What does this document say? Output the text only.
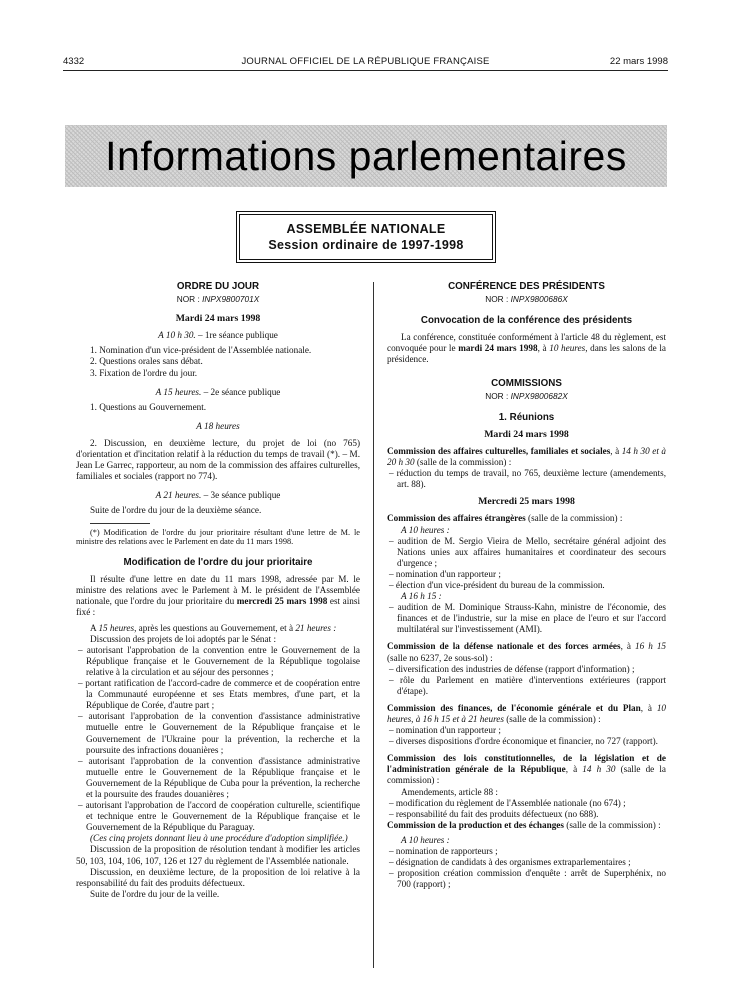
4332	JOURNAL OFFICIEL DE LA RÉPUBLIQUE FRANÇAISE	22 mars 1998
Informations parlementaires
ASSEMBLÉE NATIONALE
Session ordinaire de 1997-1998
ORDRE DU JOUR
NOR : INPX9800701X
Mardi 24 mars 1998
A 10 h 30. – 1re séance publique
1. Nomination d'un vice-président de l'Assemblée nationale.
2. Questions orales sans débat.
3. Fixation de l'ordre du jour.
A 15 heures. – 2e séance publique
1. Questions au Gouvernement.
A 18 heures

2. Discussion, en deuxième lecture, du projet de loi (no 765) d'orientation et d'incitation relatif à la réduction du temps de travail (*). – M. Jean Le Garrec, rapporteur, au nom de la commission des affaires culturelles, familiales et sociales (rapport no 774).

A 21 heures. – 3e séance publique

Suite de l'ordre du jour de la deuxième séance.

(*) Modification de l'ordre du jour prioritaire résultant d'une lettre de M. le ministre des relations avec le Parlement en date du 11 mars 1998.

Modification de l'ordre du jour prioritaire

Il résulte d'une lettre en date du 11 mars 1998, adressée par M. le ministre des relations avec le Parlement à M. le président de l'Assemblée nationale, que l'ordre du jour prioritaire du mercredi 25 mars 1998 est ainsi fixé :

A 15 heures, après les questions au Gouvernement, et à 21 heures :

Discussion des projets de loi adoptés par le Sénat :

– autorisant l'approbation de la convention entre le Gouvernement de la République française et le Gouvernement de la République togolaise relative à la circulation et au séjour des personnes ;

– portant ratification de l'accord-cadre de commerce et de coopération entre la Communauté européenne et ses Etats membres, d'une part, et la République de Corée, d'autre part ;

– autorisant l'approbation de la convention d'assistance administrative mutuelle entre le Gouvernement de la République française et le Gouvernement de l'Ukraine pour la prévention, la recherche et la poursuite des infractions douanières ;

– autorisant l'approbation de la convention d'assistance administrative mutuelle entre le Gouvernement de la République française et le Gouvernement de la République de Cuba pour la prévention, la recherche et la poursuite des fraudes douanières ;

– autorisant l'approbation de l'accord de coopération culturelle, scientifique et technique entre le Gouvernement de la République française et le Gouvernement de la République du Paraguay.

(Ces cinq projets donnant lieu à une procédure d'adoption simplifiée.)

Discussion de la proposition de résolution tendant à modifier les articles 50, 103, 104, 106, 107, 126 et 127 du règlement de l'Assemblée nationale.

Discussion, en deuxième lecture, de la proposition de loi relative à la responsabilité du fait des produits défectueux.

Suite de l'ordre du jour de la veille.

CONFÉRENCE DES PRÉSIDENTS
NOR : INPX9800686X
Convocation de la conférence des présidents

La conférence, constituée conformément à l'article 48 du règlement, est convoquée pour le mardi 24 mars 1998, à 10 heures, dans les salons de la présidence.

COMMISSIONS
NOR : INPX9800682X
1. Réunions
Mardi 24 mars 1998

Commission des affaires culturelles, familiales et sociales, à 14 h 30 et à 20 h 30 (salle de la commission) :

– réduction du temps de travail, no 765, deuxième lecture (amendements, art. 88).

Mercredi 25 mars 1998

Commission des affaires étrangères (salle de la commission) :

A 10 heures :

– audition de M. Sergio Vieira de Mello, secrétaire général adjoint des Nations unies aux affaires humanitaires et coordinateur des secours d'urgence ;

– nomination d'un rapporteur ;

– élection d'un vice-président du bureau de la commission.

A 16 h 15 :

– audition de M. Dominique Strauss-Kahn, ministre de l'économie, des finances et de l'industrie, sur la mise en place de l'euro et sur l'accord multilatéral sur l'investissement (AMI).

Commission de la défense nationale et des forces armées, à 16 h 15 (salle no 6237, 2e sous-sol) :

– diversification des industries de défense (rapport d'information) ;

– rôle du Parlement en matière d'interventions extérieures (rapport d'étape).

Commission des finances, de l'économie générale et du Plan, à 10 heures, à 16 h 15 et à 21 heures (salle de la commission) :

– nomination d'un rapporteur ;

– diverses dispositions d'ordre économique et financier, no 727 (rapport).

Commission des lois constitutionnelles, de la législation et de l'administration générale de la République, à 14 h 30 (salle de la commission) :

Amendements, article 88 :

– modification du règlement de l'Assemblée nationale (no 674) ;

– responsabilité du fait des produits défectueux (no 688).

Commission de la production et des échanges (salle de la commission) :

A 10 heures :

– nomination de rapporteurs ;

– désignation de candidats à des organismes extraparlementaires ;

– proposition création commission d'enquête : arrêt de Superphénix, no 700 (rapport) ;
